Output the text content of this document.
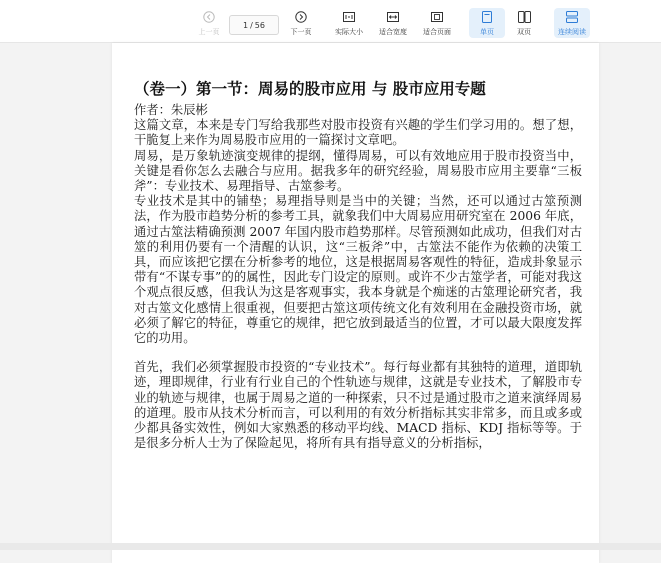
上一页
1 / 56
下一页	实际大小 适合宽度 适合页面	单页	双页	连续阅读
（卷一）第一节：周易的股市应用 与 股市应用专题

作者：朱辰彬

这篇文章，本来是专门写给我那些对股市投资有兴趣的学生们学习用的。想了想，干脆复上来作为周易股市应用的一篇探讨文章吧。

周易，是万象轨迹演变规律的提纲，懂得周易，可以有效地应用于股市投资当中，关键是看你怎么去融合与应用。据我多年的研究经验，周易股市应用主要靠“三板斧”：专业技术、易理指导、古筮参考。

专业技术是其中的铺垫；易理指导则是当中的关键；当然，还可以通过古筮预测法，作为股市趋势分析的参考工具，就象我们中大周易应用研究室在 2006 年底，通过古筮法精确预测 2007 年国内股市趋势那样。尽管预测如此成功，但我们对古筮的利用仍要有一个清醒的认识，这“三板斧”中，古筮法不能作为依赖的决策工具，而应该把它摆在分析参考的地位，这是根据周易客观性的特征，造成卦象显示带有“不谋专事”的的属性，因此专门设定的原则。或许不少古筮学者，可能对我这个观点很反感，但我认为这是客观事实，我本身就是个痴迷的古筮理论研究者，我对古筮文化感情上很重视，但要把古筮这项传统文化有效利用在金融投资市场，就必须了解它的特征，尊重它的规律，把它放到最适当的位置，才可以最大限度发挥它的功用。

首先，我们必须掌握股市投资的“专业技术”。每行每业都有其独特的道理，道即轨迹，理即规律，行业有行业自己的个性轨迹与规律，这就是专业技术，了解股市专业的轨迹与规律，也属于周易之道的一种探索，只不过是通过股市之道来演绎周易的道理。股市从技术分析而言，可以利用的有效分析指标其实非常多，而且或多或少都具备实效性，例如大家熟悉的移动平均线、MACD 指标、KDJ 指标等等。于是很多分析人士为了保险起见，将所有具有指导意义的分析指标，
